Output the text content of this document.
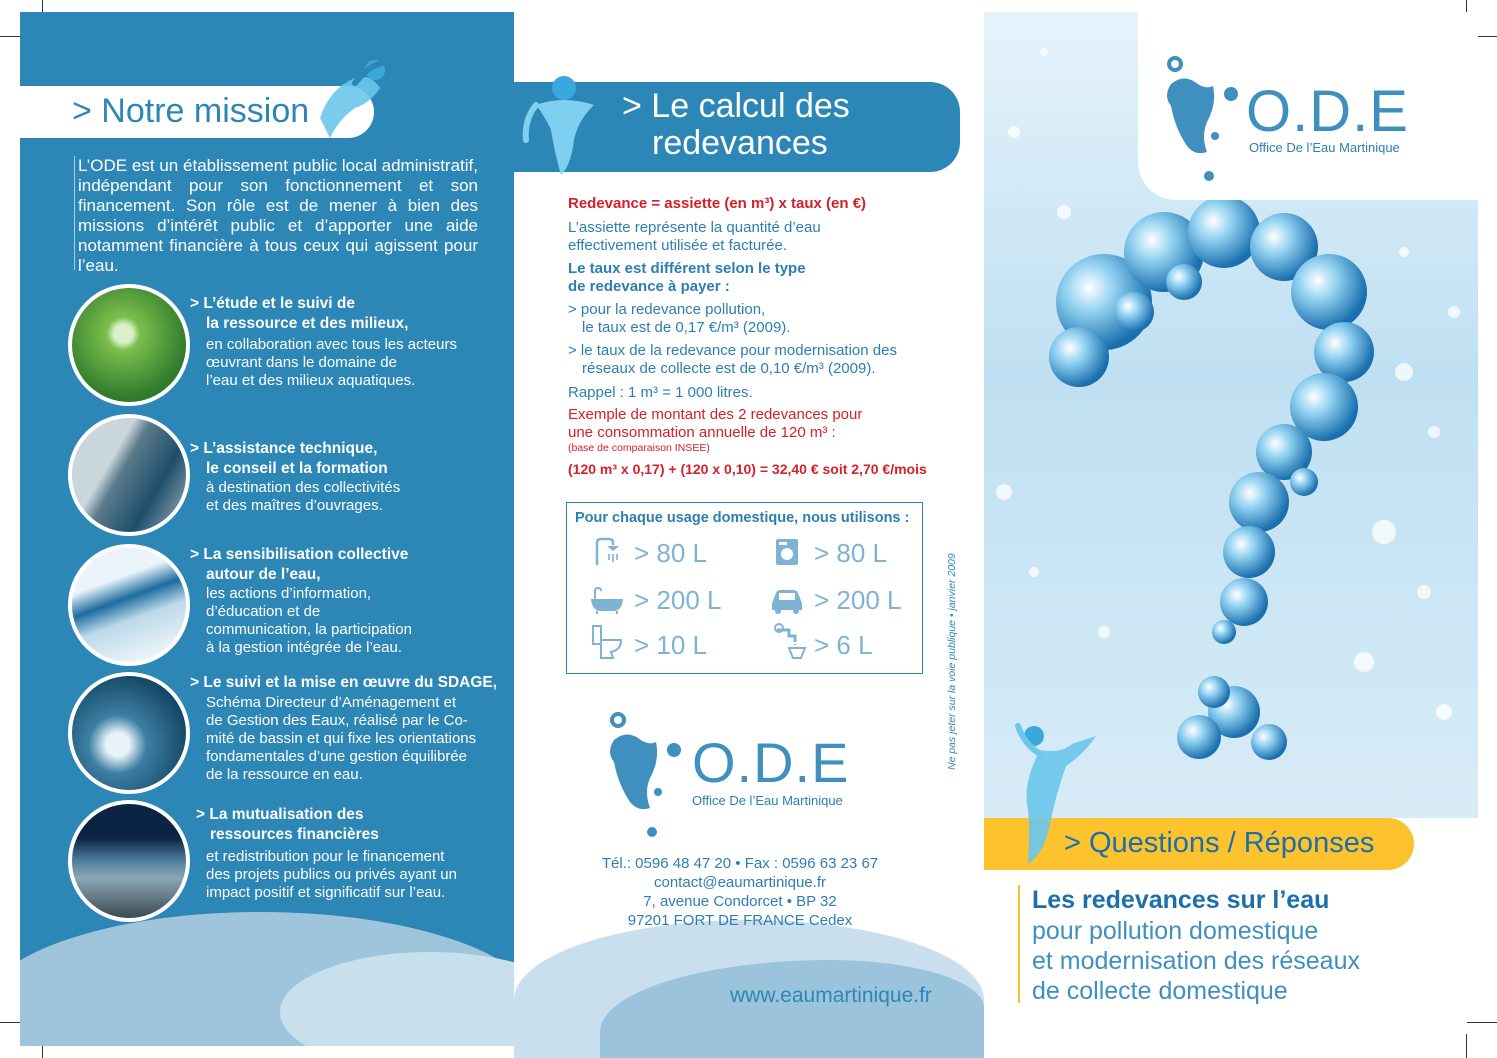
> Notre mission
L’ODE est un établissement public local administratif, indépendant pour son fonctionnement et son financement. Son rôle est de mener à bien des missions d’intérêt public et d’apporter une aide notamment financière à tous ceux qui agissent pour l’eau.
> L’étude et le suivi de
la ressource et des milieux,
en collaboration avec tous les acteurs
œuvrant dans le domaine de
l’eau et des milieux aquatiques.
> L’assistance technique,
le conseil et la formation
à destination des collectivités
et des maîtres d’ouvrages.
> La sensibilisation collective
autour de l’eau,
les actions d’information,
d’éducation et de
communication, la participation
à la gestion intégrée de l’eau.
> Le suivi et la mise en œuvre du SDAGE,
Schéma Directeur d’Aménagement et
de Gestion des Eaux, réalisé par le Co-
mité de bassin et qui fixe les orientations
fondamentales d’une gestion équilibrée
de la ressource en eau.
> La mutualisation des
ressources financières
et redistribution pour le financement
des projets publics ou privés ayant un
impact positif et significatif sur l’eau.
> Le calcul des
redevances
Redevance = assiette (en m³) x taux (en €)
L’assiette représente la quantité d’eau
effectivement utilisée et facturée.
Le taux est différent selon le type
de redevance à payer :
> pour la redevance pollution,
le taux est de 0,17 €/m³ (2009).
> le taux de la redevance pour modernisation des
réseaux de collecte est de 0,10 €/m³ (2009).
Rappel : 1 m³ = 1 000 litres.
Exemple de montant des 2 redevances pour
une consommation annuelle de 120 m³ :
(base de comparaison INSEE)
(120 m³ x 0,17) + (120 x 0,10) = 32,40 € soit 2,70 €/mois
Pour chaque usage domestique, nous utilisons :
> 80 L	> 80 L
> 200 L	> 200 L
> 10 L	> 6 L
O.D.E
Office De l’Eau Martinique
Tél.: 0596 48 47 20 • Fax : 0596 63 23 67
contact@eaumartinique.fr
7, avenue Condorcet • BP 32
97201 FORT DE FRANCE Cedex
www.eaumartinique.fr
Ne pas jeter sur la voie publique • janvier 2009
O.D.E
Office De l’Eau Martinique
> Questions / Réponses
Les redevances sur l’eau
pour pollution domestique
et modernisation des réseaux
de collecte domestique
